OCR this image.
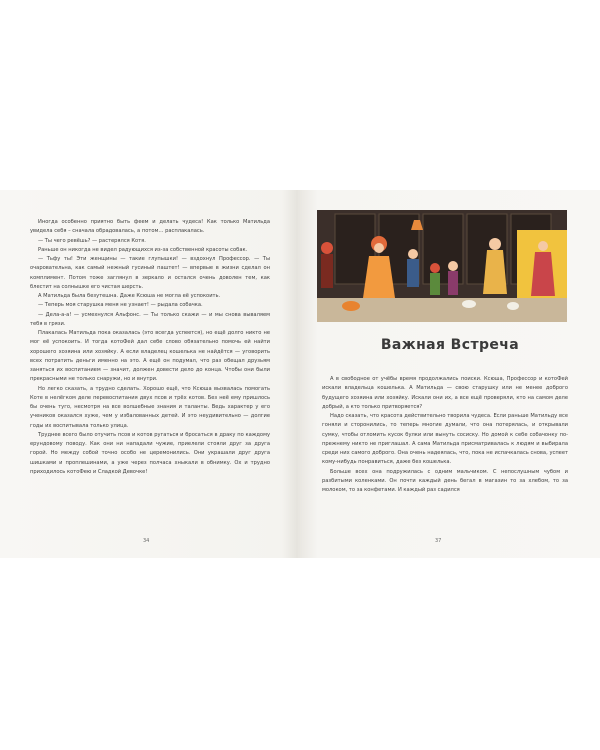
Иногда особенно приятно быть феем и делать чудеса! Как только Матильда увидела себя – сначала обрадовалась, а потом… расплакалась.

— Ты чего ревёшь? — растерялся Котя.

Раньше он никогда не видел радующихся из-за собственной красоты собак.

— Тьфу ты! Эти женщины — такие глупышки! — вздохнул Профессор. — Ты очаровательна, как самый нежный гусиный паштет! — впервые в жизни сделал он комплимент. Потом тоже заглянул в зеркало и остался очень доволен тем, как блестит на солнышке его чистая шерсть.

А Матильда была безутешна. Даже Ксюша не могла её успокоить.

— Теперь моя старушка меня не узнает! — рыдала собачка.

— Дела-а-а! — усмехнулся Альфонс. — Ты только скажи — и мы снова вываляем тебя в грязи.

Плакалась Матильда пока оказалась (это всегда успеется), но ещё долго никто не мог её успокоить. И тогда котоФей дал себе слово обязательно помочь ей найти хорошего хозяина или хозяйку. А если владелец кошелька не найдётся — уговорить всех потратить деньги именно на это. А ещё он подумал, что раз обещал друзьям заняться их воспитанием — значит, должен довести дело до конца. Чтобы они были прекрасными не только снаружи, но и внутри.

Но легко сказать, а трудно сделать. Хорошо ещё, что Ксюша вызвалась помогать Коте в нелёгком деле перевоспитания двух псов и трёх котов. Без неё ему пришлось бы очень туго, несмотря на все волшебные знания и таланты. Ведь характер у его учеников оказался хуже, чем у избалованных детей. И это неудивительно — долгие годы их воспитывала только улица.

Труднее всего было отучить псов и котов ругаться и бросаться в драку по каждому ерундовому поводу. Как они ни нападали чужие, приелели стояли друг за друга горой. Но между собой точно особо не церемонились. Они украшали друг друга шишками и проплешинами, а уже через полчаса хныкали в обнимку. Ох и трудно приходилось котоФею и Сладкой Девочке!

34
Важная Встреча

А в свободное от учёбы время продолжались поиски. Ксюша, Профессор и котоФей искали владельца кошелька. А Матильда — свою старушку или не менее доброго будущего хозяина или хозяйку. Искали они их, а все ещё проверяли, кто на самом деле добрый, а кто только притворяется?

Надо сказать, что красота действительно творила чудеса. Если раньше Матильду все гоняли и сторонились, то теперь многие думали, что она потерялась, и открывали сумку, чтобы отломить кусок булки или вынуть сосиску. Но домой к себе собачонку по-прежнему никто не приглашал. А сама Матильда присматривалась к людям и выбирала среди них самого доброго. Она очень надеялась, что, пока не испачкалась снова, успеет кому-нибудь понравиться, даже без кошелька.

Больше всех она подружилась с одним мальчиком. С непослушным чубом и разбитыми коленками. Он почти каждый день бегал в магазин то за хлебом, то за молоком, то за конфетами. И каждый раз садился

37
